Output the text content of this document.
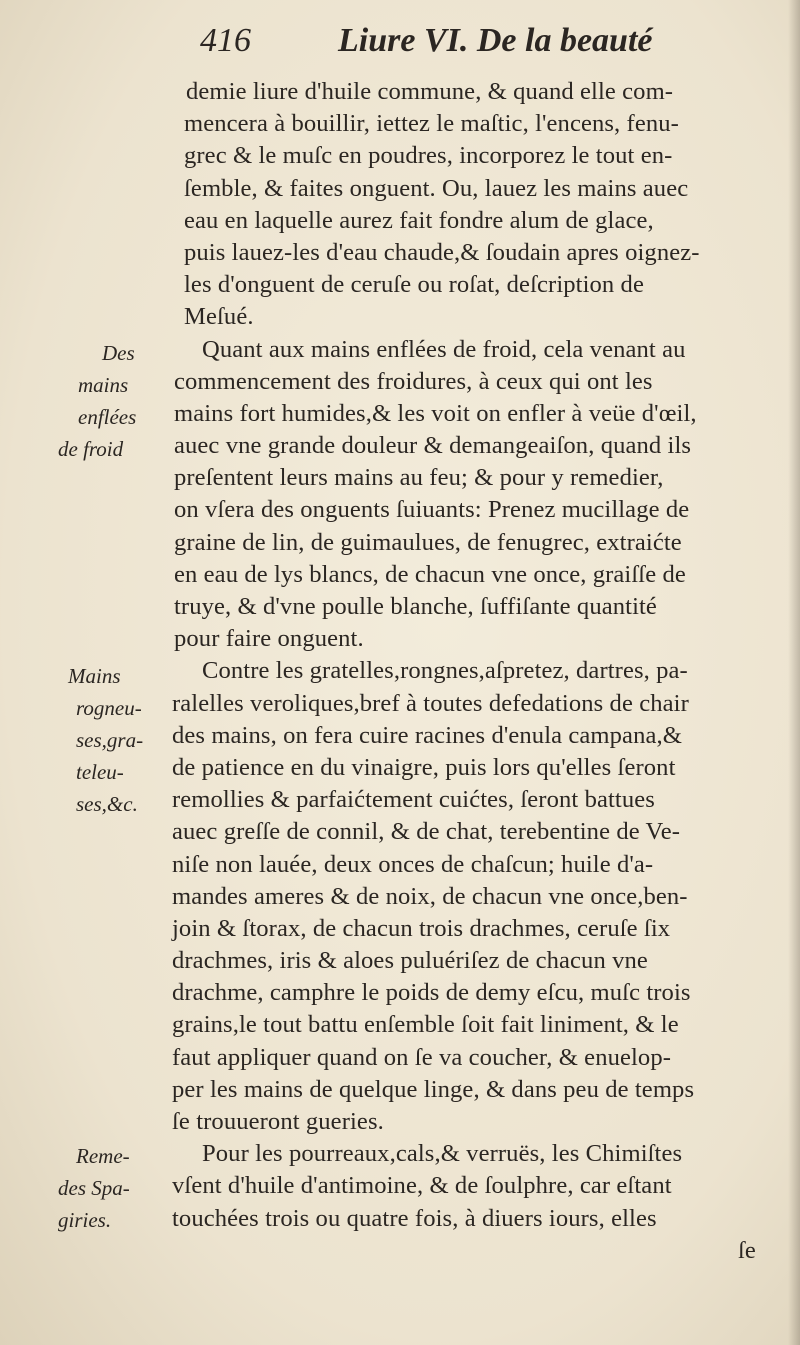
416	Liure VI. De la beauté
Des
mains
enflées
de froid
Mains
rogneu-
ses,gra-
teleu-
ses,&c.
Reme-
des Spa-
giries.
demie liure d'huile commune, & quand elle com-
mencera à bouillir, iettez le maſtic, l'encens, fenu-
grec & le muſc en poudres, incorporez le tout en-
ſemble, & faites onguent. Ou, lauez les mains auec
eau en laquelle aurez fait fondre alum de glace,
puis lauez-les d'eau chaude,& ſoudain apres oignez-
les d'onguent de ceruſe ou roſat, deſcription de
Meſué.
Quant aux mains enflées de froid, cela venant au
commencement des froidures, à ceux qui ont les
mains fort humides,& les voit on enfler à veüe d'œil,
auec vne grande douleur & demangeaiſon, quand ils
preſentent leurs mains au feu; & pour y remedier,
on vſera des onguents ſuiuants: Prenez mucillage de
graine de lin, de guimaulues, de fenugrec, extraićte
en eau de lys blancs, de chacun vne once, graiſſe de
truye, & d'vne poulle blanche, ſuffiſante quantité
pour faire onguent.
Contre les gratelles,rongnes,aſpretez, dartres, pa-
ralelles veroliques,bref à toutes defedations de chair
des mains, on fera cuire racines d'enula campana,&
de patience en du vinaigre, puis lors qu'elles ſeront
remollies & parfaićtement cuićtes, ſeront battues
auec greſſe de connil, & de chat, terebentine de Ve-
niſe non lauée, deux onces de chaſcun; huile d'a-
mandes ameres & de noix, de chacun vne once,ben-
join & ſtorax, de chacun trois drachmes, ceruſe ſix
drachmes, iris & aloes puluériſez de chacun vne
drachme, camphre le poids de demy eſcu, muſc trois
grains,le tout battu enſemble ſoit fait liniment, & le
faut appliquer quand on ſe va coucher, & enuelop-
per les mains de quelque linge, & dans peu de temps
ſe trouueront gueries.
Pour les pourreaux,cals,& verruës, les Chimiſtes
vſent d'huile d'antimoine, & de ſoulphre, car eſtant
touchées trois ou quatre fois, à diuers iours, elles
ſe
